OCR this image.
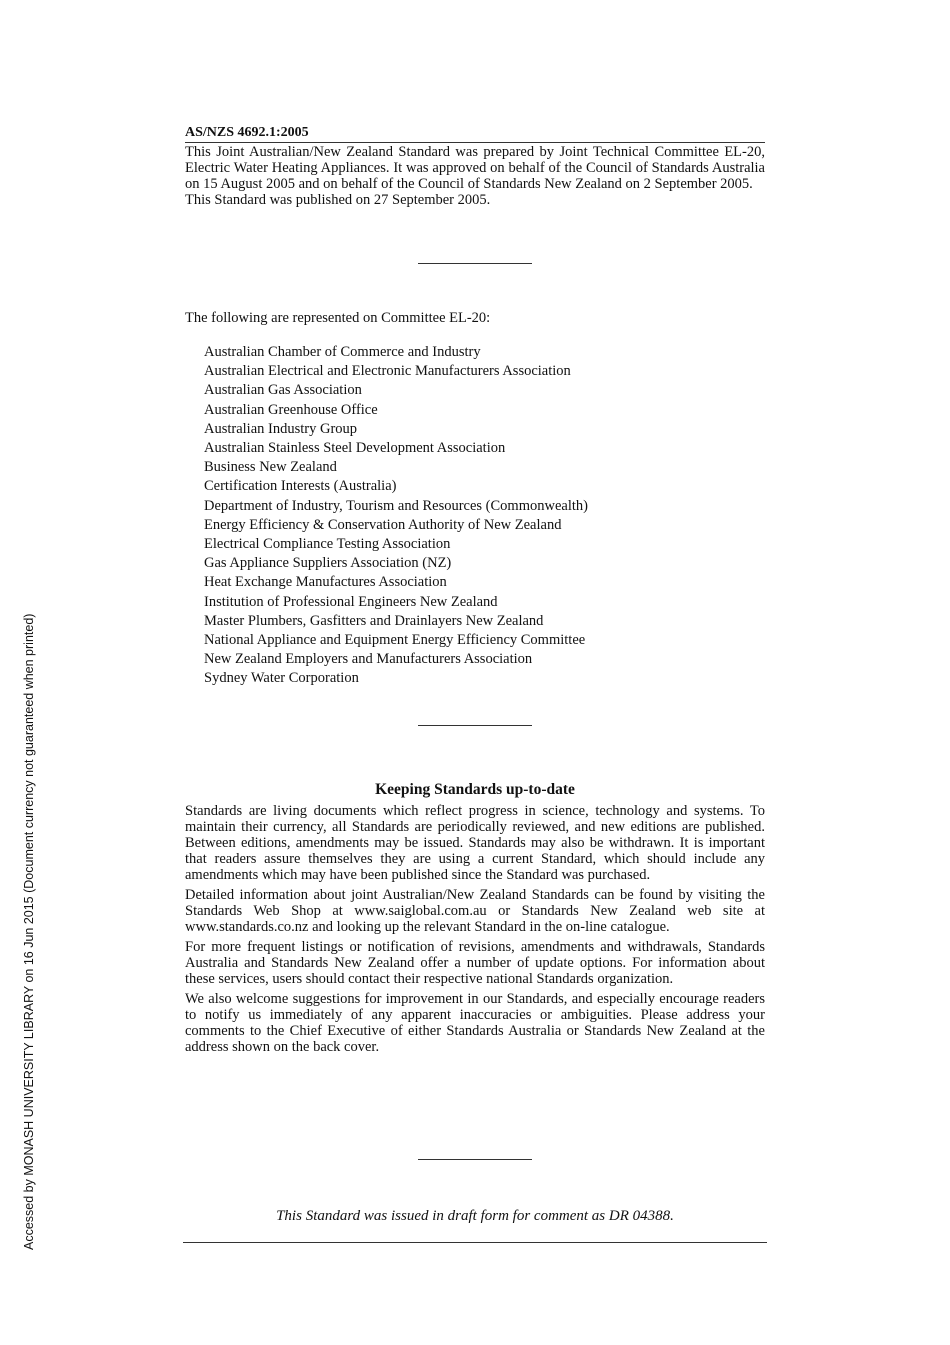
Accessed by MONASH UNIVERSITY LIBRARY on 16 Jun 2015 (Document currency not guaranteed when printed)
AS/NZS 4692.1:2005

This Joint Australian/New Zealand Standard was prepared by Joint Technical Committee EL-20, Electric Water Heating Appliances. It was approved on behalf of the Council of Standards Australia on 15 August 2005 and on behalf of the Council of Standards New Zealand on 2 September 2005.

This Standard was published on 27 September 2005.

The following are represented on Committee EL-20:
Australian Chamber of Commerce and Industry
Australian Electrical and Electronic Manufacturers Association
Australian Gas Association
Australian Greenhouse Office
Australian Industry Group
Australian Stainless Steel Development Association
Business New Zealand
Certification Interests (Australia)
Department of Industry, Tourism and Resources (Commonwealth)
Energy Efficiency & Conservation Authority of New Zealand
Electrical Compliance Testing Association
Gas Appliance Suppliers Association (NZ)
Heat Exchange Manufactures Association
Institution of Professional Engineers New Zealand
Master Plumbers, Gasfitters and Drainlayers New Zealand
National Appliance and Equipment Energy Efficiency Committee
New Zealand Employers and Manufacturers Association
Sydney Water Corporation
Keeping Standards up-to-date

Standards are living documents which reflect progress in science, technology and systems. To maintain their currency, all Standards are periodically reviewed, and new editions are published. Between editions, amendments may be issued. Standards may also be withdrawn. It is important that readers assure themselves they are using a current Standard, which should include any amendments which may have been published since the Standard was purchased.

Detailed information about joint Australian/New Zealand Standards can be found by visiting the Standards Web Shop at www.saiglobal.com.au or Standards New Zealand web site at www.standards.co.nz and looking up the relevant Standard in the on-line catalogue.

For more frequent listings or notification of revisions, amendments and withdrawals, Standards Australia and Standards New Zealand offer a number of update options. For information about these services, users should contact their respective national Standards organization.

We also welcome suggestions for improvement in our Standards, and especially encourage readers to notify us immediately of any apparent inaccuracies or ambiguities. Please address your comments to the Chief Executive of either Standards Australia or Standards New Zealand at the address shown on the back cover.

This Standard was issued in draft form for comment as DR 04388.
